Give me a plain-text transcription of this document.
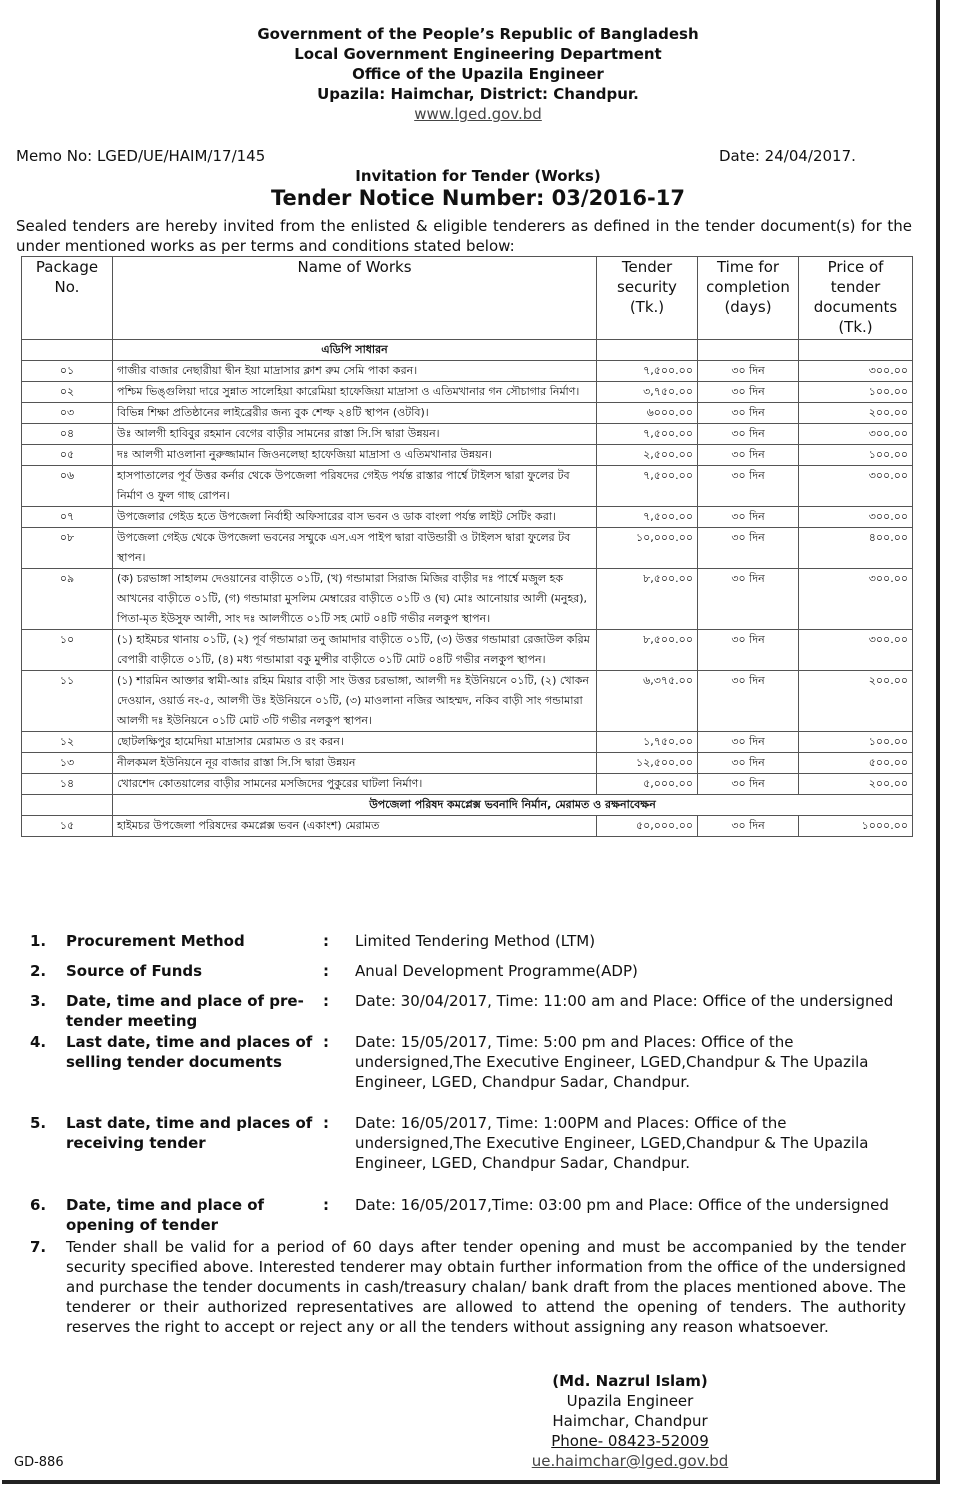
Government of the People’s Republic of Bangladesh
Local Government Engineering Department
Office of the Upazila Engineer
Upazila: Haimchar, District: Chandpur.
www.lged.gov.bd
Memo No: LGED/UE/HAIM/17/145	Date: 24/04/2017.
Invitation for Tender (Works)
Tender Notice Number: 03/2016-17
Sealed tenders are hereby invited from the enlisted & eligible tenderers as defined in the tender document(s) for the under mentioned works as per terms and conditions stated below:
Package No.	Name of Works	Tender security (Tk.)	Time for completion (days)	Price of tender documents (Tk.)
	এডিপি সাধারন			
০১	গাজীর বাজার নেছারীয়া দ্বীন ইয়া মাদ্রাসার ক্লাশ রুম সেমি পাকা করন।	৭,৫০০.০০	৩০ দিন	৩০০.০০
০২	পশ্চিম ভিঙ্গুলিয়া দারে সুন্নাত সালেহিয়া কারেমিয়া হাফেজিয়া মাদ্রাসা ও এতিমখানার গন সৌচাগার নির্মাণ।	৩,৭৫০.০০	৩০ দিন	১০০.০০
০৩	বিভিন্ন শিক্ষা প্রতিষ্ঠানের লাইব্রেরীর জন্য বুক শেল্ফ ২৪টি স্থাপন (ওটবি)।	৬০০০.০০	৩০ দিন	২০০.০০
০৪	উঃ আলগী হাবিবুর রহমান বেগের বাড়ীর সামনের রাস্তা সি.সি দ্বারা উন্নয়ন।	৭,৫০০.০০	৩০ দিন	৩০০.০০
০৫	দঃ আলগী মাওলানা নুরুজ্জামান জিওনলেছা হাফেজিয়া মাদ্রাসা ও এতিমখানার উন্নয়ন।	২,৫০০.০০	৩০ দিন	১০০.০০
০৬	হাসপাতালের পূর্ব উত্তর কর্নার থেকে উপজেলা পরিষদের গেইড পর্যন্ত রাস্তার পার্শ্বে টাইলস দ্বারা ফুলের টব নির্মাণ ও ফুল গাছ রোপন।	৭,৫০০.০০	৩০ দিন	৩০০.০০
০৭	উপজেলার গেইড হতে উপজেলা নির্বাহী অফিসারের বাস ভবন ও ডাক বাংলা পর্যন্ত লাইট সেটিং করা।	৭,৫০০.০০	৩০ দিন	৩০০.০০
০৮	উপজেলা গেইড থেকে উপজেলা ভবনের সম্মুকে এস.এস পাইপ দ্বারা বাউন্ডারী ও টাইলস দ্বারা ফুলের টব স্থাপন।	১০,০০০.০০	৩০ দিন	৪০০.০০
০৯	(ক) চরভাঙ্গা সাহালম দেওয়ানের বাড়ীতে ০১টি, (খ) গন্ডামারা সিরাজ মিজির বাড়ীর দঃ পার্শ্বে মজুল হক আখনের বাড়ীতে ০১টি, (গ) গন্ডামারা মুসলিম মেম্বারের বাড়ীতে ০১টি ও (ঘ) মোঃ আনোয়ার আলী (মনুহর), পিতা-মৃত ইউসুফ আলী, সাং দঃ আলগীতে ০১টি সহ মোট ০৪টি গভীর নলকুপ স্থাপন।	৮,৫০০.০০	৩০ দিন	৩০০.০০
১০	(১) হাইমচর থানায় ০১টি, (২) পূর্ব গন্ডামারা তনু জামাদার বাড়ীতে ০১টি, (৩) উত্তর গন্ডামারা রেজাউল করিম বেপারী বাড়ীতে ০১টি, (৪) মধ্য গন্ডামারা বকু মুন্সীর বাড়ীতে ০১টি মোট ০৪টি গভীর নলকুপ স্থাপন।	৮,৫০০.০০	৩০ দিন	৩০০.০০
১১	(১) শারমিন আক্তার স্বামী-আঃ রহিম মিয়ার বাড়ী সাং উত্তর চরভাঙ্গা, আলগী দঃ ইউনিয়নে ০১টি, (২) খোকন দেওয়ান, ওয়ার্ড নং-৫, আলগী উঃ ইউনিয়নে ০১টি, (৩) মাওলানা নজির আহম্মদ, নকিব বাড়ী সাং গন্ডামারা আলগী দঃ ইউনিয়নে ০১টি মোট ৩টি গভীর নলকুপ স্থাপন।	৬,৩৭৫.০০	৩০ দিন	২০০.০০
১২	ছোটলক্ষিপুর হামেদিয়া মাদ্রাসার মেরামত ও রং করন।	১,৭৫০.০০	৩০ দিন	১০০.০০
১৩	নীলকমল ইউনিয়নে নূর বাজার রাস্তা সি.সি দ্বারা উন্নয়ন	১২,৫০০.০০	৩০ দিন	৫০০.০০
১৪	খোরশেদ কোতয়ালের বাড়ীর সামনের মসজিদের পুকুরের ঘাটলা নির্মাণ।	৫,০০০.০০	৩০ দিন	২০০.০০
	উপজেলা পরিষদ কমপ্লেক্স ভবনাদি নির্মান, মেরামত ও রক্ষনাবেক্ষন			
১৫	হাইমচর উপজেলা পরিষদের কমপ্লেক্স ভবন (একাংশ) মেরামত	৫০,০০০.০০	৩০ দিন	১০০০.০০
1.	Procurement Method	: Limited Tendering Method (LTM)
2.	Source of Funds	: Anual Development Programme(ADP)
3.	Date, time and place of pre-tender meeting
: Date: 30/04/2017, Time: 11:00 am and Place: Office of the undersigned
4.	Last date, time and places of selling tender documents
: Date: 15/05/2017, Time: 5:00 pm and Places: Office of the undersigned,The Executive Engineer, LGED,Chandpur & The Upazila Engineer, LGED, Chandpur Sadar, Chandpur.
5.	Last date, time and places of receiving tender
: Date: 16/05/2017, Time: 1:00PM and Places: Office of the undersigned,The Executive Engineer, LGED,Chandpur & The Upazila Engineer, LGED, Chandpur Sadar, Chandpur.
6.	Date, time and place of opening of tender
: Date: 16/05/2017,Time: 03:00 pm and Place: Office of the undersigned
7.	Tender shall be valid for a period of 60 days after tender opening and must be accompanied by the tender security specified above. Interested tenderer may obtain further information from the office of the undersigned and purchase the tender documents in cash/treasury chalan/ bank draft from the places mentioned above. The tenderer or their authorized representatives are allowed to attend the opening of tenders. The authority reserves the right to accept or reject any or all the tenders without assigning any reason whatsoever.
(Md. Nazrul Islam)
Upazila Engineer
Haimchar, Chandpur
Phone- 08423-52009
ue.haimchar@lged.gov.bd
GD-886
